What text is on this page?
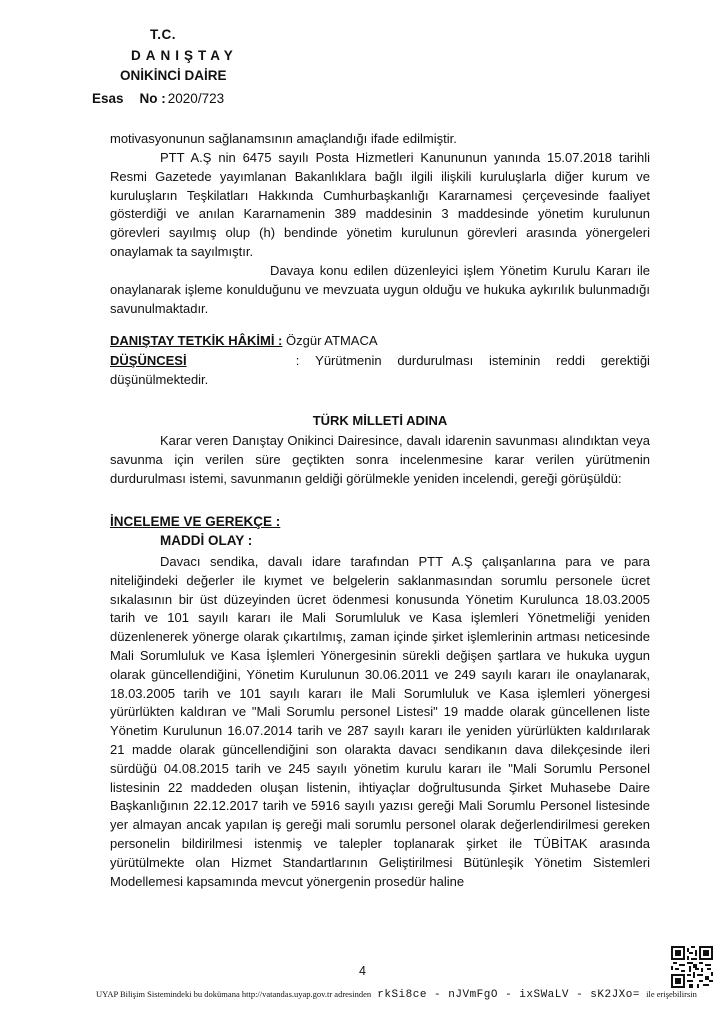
T.C.
DANIŞTAY
ONİKİNCİ DAİRE
Esas No : 2020/723

motivasyonunun sağlanamsının amaçlandığı ifade edilmiştir.

PTT A.Ş nin 6475 sayılı Posta Hizmetleri Kanununun yanında 15.07.2018 tarihli Resmi Gazetede yayımlanan Bakanlıklara bağlı ilgili ilişkili kuruluşlarla diğer kurum ve kuruluşların Teşkilatları Hakkında Cumhurbaşkanlığı Kararnamesi çerçevesinde faaliyet gösterdiği ve anılan Kararnamenin 389 maddesinin 3 maddesinde yönetim kurulunun görevleri sayılmış olup (h) bendinde yönetim kurulunun görevleri arasında yönergeleri onaylamak ta sayılmıştır.

Davaya konu edilen düzenleyici işlem Yönetim Kurulu Kararı ile onaylanarak işleme konulduğunu ve mevzuata uygun olduğu ve hukuka aykırılık bulunmadığı savunulmaktadır.

DANIŞTAY TETKİK HÂKİMİ : Özgür ATMACA
DÜŞÜNCESİ	: Yürütmenin durdurulması isteminin reddi gerektiği
düşünülmektedir.
TÜRK MİLLETİ ADINA

Karar veren Danıştay Onikinci Dairesince, davalı idarenin savunması alındıktan veya savunma için verilen süre geçtikten sonra incelenmesine karar verilen yürütmenin durdurulması istemi, savunmanın geldiği görülmekle yeniden incelendi, gereği görüşüldü:

İNCELEME VE GEREKÇE :
MADDİ OLAY :

Davacı sendika, davalı idare tarafından PTT A.Ş çalışanlarına para ve para niteliğindeki değerler ile kıymet ve belgelerin saklanmasından sorumlu personele ücret sıkalasının bir üst düzeyinden ücret ödenmesi konusunda Yönetim Kurulunca 18.03.2005 tarih ve 101 sayılı kararı ile Mali Sorumluluk ve Kasa işlemleri Yönetmeliği yeniden düzenlenerek yönerge olarak çıkartılmış, zaman içinde şirket işlemlerinin artması neticesinde Mali Sorumluluk ve Kasa İşlemleri Yönergesinin sürekli değişen şartlara ve hukuka uygun olarak güncellendiğini, Yönetim Kurulunun 30.06.2011 ve 249 sayılı kararı ile onaylanarak, 18.03.2005 tarih ve 101 sayılı kararı ile Mali Sorumluluk ve Kasa işlemleri yönergesi yürürlükten kaldıran ve "Mali Sorumlu personel Listesi" 19 madde olarak güncellenen liste Yönetim Kurulunun 16.07.2014 tarih ve 287 sayılı kararı ile yeniden yürürlükten kaldırılarak 21 madde olarak güncellendiğini son olaraktа davacı sendikanın dava dilekçesinde ileri sürdüğü 04.08.2015 tarih ve 245 sayılı yönetim kurulu kararı ile "Mali Sorumlu Personel listesinin 22 maddeden oluşan listenin, ihtiyaçlar doğrultusunda Şirket Muhasebe Daire Başkanlığının 22.12.2017 tarih ve 5916 sayılı yazısı gereği Mali Sorumlu Personel listesinde yer almayan ancak yapılan iş gereği mali sorumlu personel olarak değerlendirilmesi gereken personelin bildirilmesi istenmiş ve talepler toplanarak şirket ile TÜBİTAK arasında yürütülmekte olan Hizmet Standartlarının Geliştirilmesi Bütünleşik Yönetim Sistemleri Modellemesi kapsamında mevcut yönergenin prosedür haline

4
UYAP Bilişim Sistemindeki bu dokümana http://vatandas.uyap.gov.tr adresinden rkSi8ce - nJVmFgO - ixSWaLV - sK2JXo= ile erişebilirsin
